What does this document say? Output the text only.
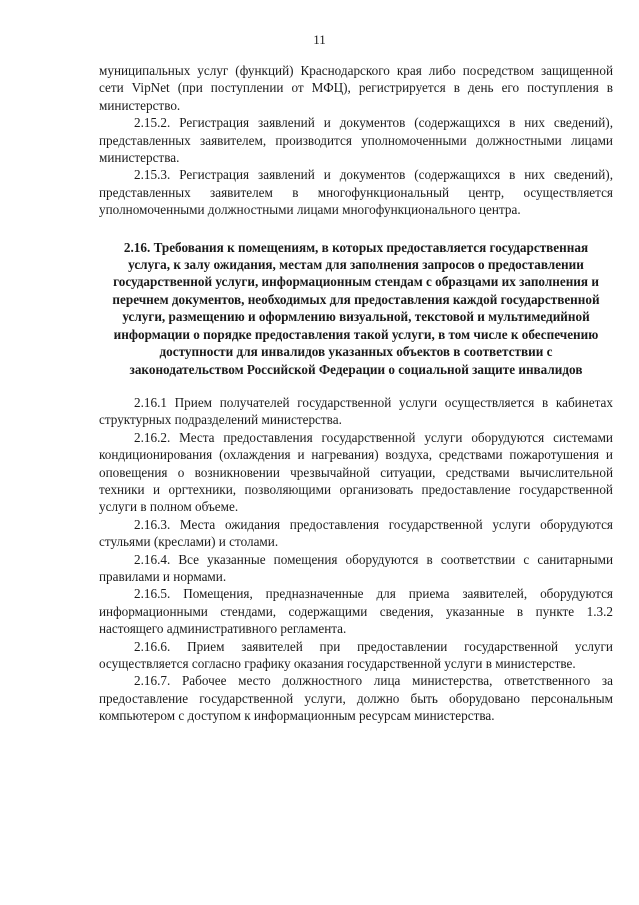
11

муниципальных услуг (функций) Краснодарского края либо посредством защищенной сети VipNet (при поступлении от МФЦ), регистрируется в день его поступления в министерство.

2.15.2. Регистрация заявлений и документов (содержащихся в них сведений), представленных заявителем, производится уполномоченными должностными лицами министерства.

2.15.3. Регистрация заявлений и документов (содержащихся в них сведений), представленных заявителем в многофункциональный центр, осуществляется уполномоченными должностными лицами многофункционального центра.

2.16. Требования к помещениям, в которых предоставляется государственная услуга, к залу ожидания, местам для заполнения запросов о предоставлении государственной услуги, информационным стендам с образцами их заполнения и перечнем документов, необходимых для предоставления каждой государственной услуги, размещению и оформлению визуальной, текстовой и мультимедийной информации о порядке предоставления такой услуги, в том числе к обеспечению доступности для инвалидов указанных объектов в соответствии с законодательством Российской Федерации о социальной защите инвалидов

2.16.1 Прием получателей государственной услуги осуществляется в кабинетах структурных подразделений министерства.

2.16.2. Места предоставления государственной услуги оборудуются системами кондиционирования (охлаждения и нагревания) воздуха, средствами пожаротушения и оповещения о возникновении чрезвычайной ситуации, средствами вычислительной техники и оргтехники, позволяющими организовать предоставление государственной услуги в полном объеме.

2.16.3. Места ожидания предоставления государственной услуги оборудуются стульями (креслами) и столами.

2.16.4. Все указанные помещения оборудуются в соответствии с санитарными правилами и нормами.

2.16.5. Помещения, предназначенные для приема заявителей, оборудуются информационными стендами, содержащими сведения, указанные в пункте 1.3.2 настоящего административного регламента.

2.16.6. Прием заявителей при предоставлении государственной услуги осуществляется согласно графику оказания государственной услуги в министерстве.

2.16.7. Рабочее место должностного лица министерства, ответственного за предоставление государственной услуги, должно быть оборудовано персональным компьютером с доступом к информационным ресурсам министерства.
